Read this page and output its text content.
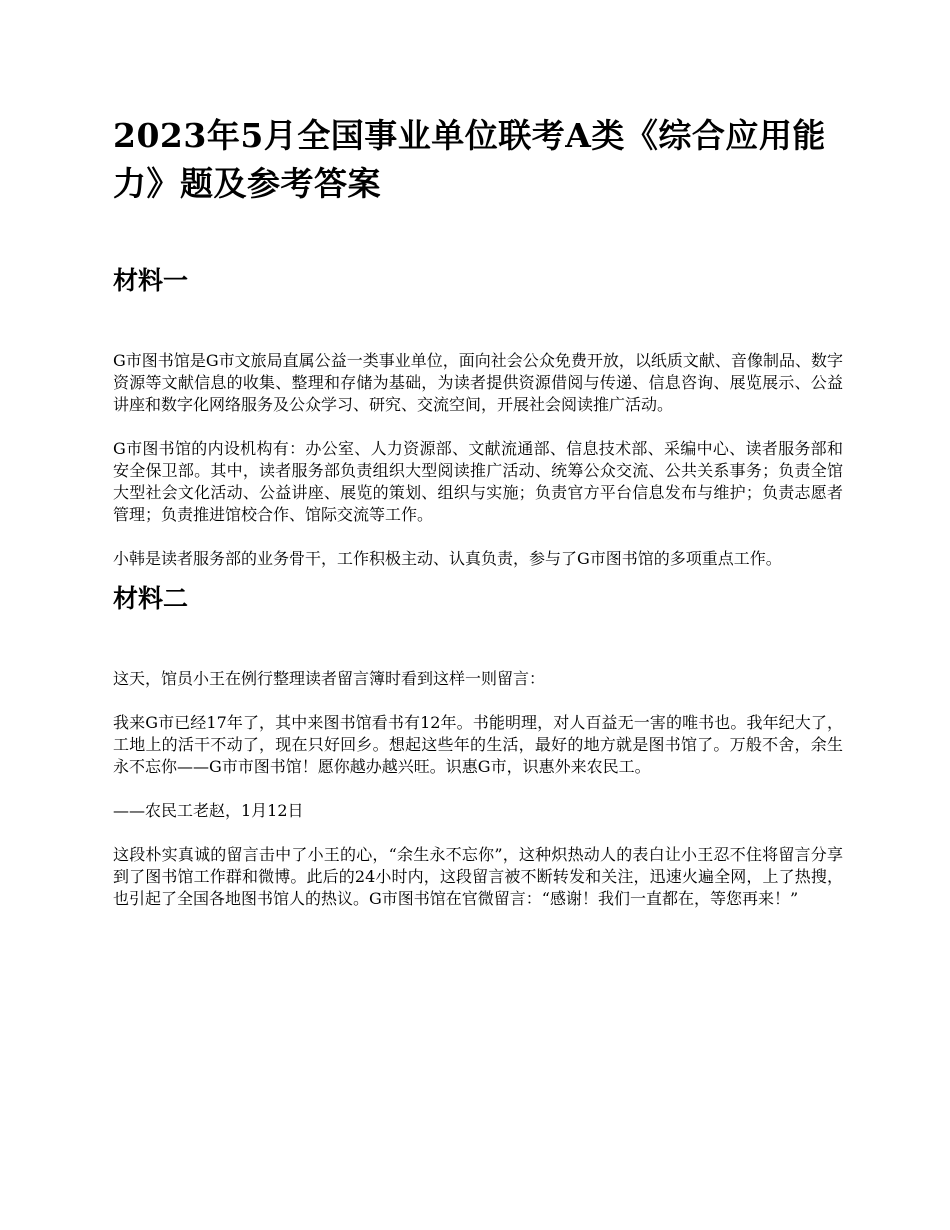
2023年5月全国事业单位联考A类《综合应用能力》题及参考答案
材料一

G市图书馆是G市文旅局直属公益一类事业单位，面向社会公众免费开放，以纸质文献、音像制品、数字资源等文献信息的收集、整理和存储为基础，为读者提供资源借阅与传递、信息咨询、展览展示、公益讲座和数字化网络服务及公众学习、研究、交流空间，开展社会阅读推广活动。

G市图书馆的内设机构有：办公室、人力资源部、文献流通部、信息技术部、采编中心、读者服务部和安全保卫部。其中，读者服务部负责组织大型阅读推广活动、统筹公众交流、公共关系事务；负责全馆大型社会文化活动、公益讲座、展览的策划、组织与实施；负责官方平台信息发布与维护；负责志愿者管理；负责推进馆校合作、馆际交流等工作。

小韩是读者服务部的业务骨干，工作积极主动、认真负责，参与了G市图书馆的多项重点工作。

材料二

这天，馆员小王在例行整理读者留言簿时看到这样一则留言：

我来G市已经17年了，其中来图书馆看书有12年。书能明理，对人百益无一害的唯书也。我年纪大了，工地上的活干不动了，现在只好回乡。想起这些年的生活，最好的地方就是图书馆了。万般不舍，余生永不忘你——G市市图书馆！愿你越办越兴旺。识惠G市，识惠外来农民工。

——农民工老赵，1月12日

这段朴实真诚的留言击中了小王的心，“余生永不忘你”，这种炽热动人的表白让小王忍不住将留言分享到了图书馆工作群和微博。此后的24小时内，这段留言被不断转发和关注，迅速火遍全网，上了热搜，也引起了全国各地图书馆人的热议。G市图书馆在官微留言：“感谢！我们一直都在，等您再来！”
